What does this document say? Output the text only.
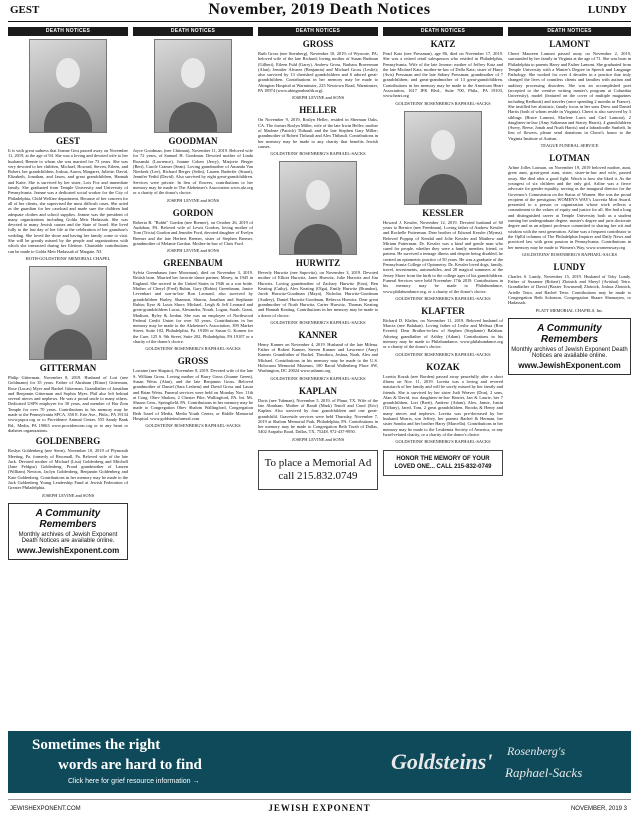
GEST	November, 2019 Death Notices	LUNDY
DEATH NOTICES
GEST

It is with great sadness that Jeanne Gest passed away on November 11, 2019, at the age of 94. She was a loving and devoted wife to her husband, Bennie to whom she was married for 73 years. She was very devoted to her children, Michael, Howard, Steven, Eileen, and Robert, her grandchildren, Joshua, Aaron, Margaret, Juliette, David, Elizabeth, Jonathan, and Jason, and great grandchildren, Hannah and Katie. She is survived by her sister, Lois Fox and immediate family. She graduated from Temple University and University of Pennsylvania. Jeanne was a dedicated social worker for the City of Philadelphia, Child Welfare department. Because of her concern for all of her clients, she supervised the most difficult cases. She acted as the guardian for her caseload and made sure the children had adequate clothes and school supplies. Jeanne was the president of many organizations including Golda Meir Hadassah. She was devoted to many Jewish causes and the State of Israel. She lived fully to the last day of her life at the celebration of her grandson's wedding. She loved the shore and having her family come to visit. She will be greatly missed by the people and organizations with which she interacted during her lifetime. Charitable contributions can be made to Golda Meir Hadassah of Margate, NJ.

ROTH-GOLDSTEINS' MEMORIAL CHAPEL
GITTERMAN

Philip Gitterman, November 8, 2019. Husband of Lori (nee Goldmann) for 35 years. Father of Abraham (Elinor) Gitterman, Rose (Lucas) Myer and Rachel Gitterman. Grandfather of Jonathan and Benjamin Gitterman and Sophia Myer. Phil also left behind several nieces and nephews. He was a proud uncle to many others. Dedicated USPS employee for 30 years, and member of Har Zion Temple for over 70 years. Contributions in his memory may be made to the Pennsylvania SPCA, 350 E. Erie Ave., Phila., PA 19134 www.pspca.org or to Providence Animal Center, 555 Sandy Bank Rd., Media, PA 19063 www.providenceac.org or to any heart or diabetes organizations.

GOLDENBERG

Roslyn Goldenberg (nee Stern), November 10, 2019 of Plymouth Meeting, Pa. formerly of Broomall, Pa. Beloved wife of the late Jack. Devoted mother of Michael (Lisa) Goldenberg and Mitchell (Jane Feldgus) Goldenberg. Proud grandmother of Lauren (William) Newton, Jaclyn Goldenberg, Benjamin Goldenberg and Kate Goldenberg. Contributions in her memory may be made to the Jack Goldenberg Young Leadership Fund at Jewish Federation of Greater Philadelphia.

JOSEPH LEVINE and SONS
A Community Remembers
Monthly archives of Jewish Exponent Death Notices are available online.
www.JewishExponent.com
DEATH NOTICES
GOODMAN

Joyce Goodman, (nee Chitman), November 11, 2019. Beloved wife for 72 years, of Samuel H. Goodman. Devoted mother of Linda Rozanski (Lawrence), Joanne Cohen (Jerry), Marjorie Berger (Bert), Carole Cramer (Sean). Loving grandmother of Amanda Van Nierkerk (Lee), Richard Berger (Selin), Lauren Ruderfer (Stuart), Jennifer Yedid (David). Also survived by eight great-grandchildren. Services were private. In lieu of flowers, contributions to her memory may be made to The Alzheimer's Association www.alz.org or a charity of the donor's choice.

JOSEPH LEVINE and SONS
GORDON

Roberta B. "Bobbi" Gordon (nee Bremer), on October 26, 2019 of Audubon, PA. Beloved wife of Lewis Gordon, loving mother of Tom (Tricia) Gordon and Jennifer Ford, devoted daughter of Evelyn Bremer and the late Herbert Bremer, sister of Stephen Bremer, grandmother of Melanie Gordon. Mother-in-law of Chris Ford.

JOSEPH LEVINE and SONS
GREENBAUM

Sylvia Greenbaum (nee Moorman), died on November 3, 2019. British born. Married her favorite dance partner, Morey, in 1945 in England. She arrived in the United States in 1946 as a war bride. Mother of Cheryl (Fred) Rubin, Gary (Robin) Greenbaum, Janice Levenhart and son-in-law Ron Leonard, also survived by grandchildren Harley, Shannon, Sharon, Jonathan and Stephanie Rubin; Ilyse & Louis Shorr; Michael, Leigh & Jeff Leonard and great-grandchildren Lucas, Alexandra, Norah, Logan, Sarah, Grant, Madison, Ryley & Jordan. She was an employee of Northwood Federal Credit Union for over 30 years. Contributions in her memory may be made to the Alzheimer's Association, 399 Market Street, Suite 102, Philadelphia, Pa. 19106 or Susan G. Komen for the Cure, 125 S. 9th Street, Suite 202, Philadelphia, PA 19107 or a charity of the donor's choice.

GOLDSTEINS' ROSENBERG'S RAPHAEL-SACKS
GROSS

Lorraine (nee Shapiro), November 8, 2019. Devoted wife of the late S. William Gross. Loving mother of Barry Gross (Joanne Green), Susan Weiss (Alan), and the late Benjamin Gross. Beloved grandmother of Daniel (Sara Leshem) and David Gross and Laura and Brian Weiss. Funeral services were held on Monday Nov. 11th at Cong. Ohev Shalom, 2 Chester Pike, Wallingford, PA. Int. Mt. Sharon Cem., Springfield, PA. Contributions in her memory may be made to Congregation Ohev Shalom Wallingford, Congregation Beth Israel of Media, Media Youth Center, or Riddle Memorial Hospital. www.goldsteinsfuneral.com

GOLDSTEINS' ROSENBERG'S RAPHAEL-SACKS
DEATH NOTICES
GROSS

Ruth Gross (nee Sternberg), November 10, 2019; of Wyncote, PA; beloved wife of the late Richard; loving mother of Susan Rudman (Gilbert), Eileen Fuld (Garry), Andrew Gross, Barbara Braverman (Alan); Jennifer Alvarez (Benjamin) and Michael Gross (Leslie); also survived by 13 cherished grandchildren and 6 adored great-grandchildren. Contributions in her memory may be made to Abington Hospital at Warminster, 225 Newtown Road, Warminster, PA 18974 (www.abingtonhealth.org).

JOSEPH LEVINE and SONS
HELLER

On November 9, 2019, Roslyn Heller, resided in Sherman Oaks, CA. The former Roslyn Miller, wife of the late Irwin Heller; mother of Marlene (Patrick) Thibault and the late Stephen Gary Miller; grandmother of Robert Thibault and Alex Thibault. Contributions in her memory may be made to any charity that benefits Jewish causes.

GOLDSTEINS' ROSENBERG'S RAPHAEL-SACKS
HURWITZ

Beverly Hurwitz (nee Supovitz), on November 3, 2019. Devoted mother of Elliott Hurwitz, Janet Hurwitz, Julie Hurwitz and Jim Hurwitz. Loving grandmother of Zachary Hurwitz (Erin), Ben Keating (Cathy), Alex Keating (Olga), Emily Hurwitz (Brandon), Jacob Hurwitz-Goodman (Maya), Nicholas Hurwitz-Goodman (Audrey), Daniel Hurwitz-Goodman, Rebecca Hurwitz. Dear great grandmother of Noah Hurwitz, Carter Hurwitz, Thomas Keating and Hannah Keating. Contributions in her memory may be made to a donor of choice.

GOLDSTEINS' ROSENBERG'S RAPHAEL-SACKS
KANNER

Henry Kanner on November 4, 2019. Husband of the late Milena. Father of Robert Kanner, Steven Kanner and Lawrence (Amy) Kanner. Grandfather of Rachel, Theodora, Joshua, Noah, Alex and Michael. Contributions in his memory may be made to the U.S. Holocaust Memorial Museum, 100 Raoul Wallenberg Place SW, Washington, DC 20024 www.ushmm.org

GOLDSTEINS' ROSENBERG'S RAPHAEL-SACKS
KAPLAN

Doris (nee Tubman), November 5, 2019, of Plano, TX. Wife of the late Abraham. Mother of Randi (Mark) Tenoff and Carol (Eric) Kaplan. Also survived by four grandchildren and one great-grandchild. Graveside services were held Thursday, November 7, 2019 at Shalom Memorial Park, Philadelphia, PA. Contributions in her memory may be made to Congregation Beth Torah of Dallas, 5402 Arapaho Road, Dallas, TX, 75248, 972-437-9950.

JOSEPH LEVINE and SONS
To place a Memorial Ad call 215.832.0749
DEATH NOTICES
KATZ

Pearl Katz (nee Pressman), age 86, died on November 17, 2019. She was a retired retail salesperson who resided in Philadelphia, Pennsylvania. Wife of the late Jerome; mother of Jeffrey Katz and the late Michael Katz; mother-in-law of Della Katz; sister of Harry (Avis) Pressman and the late Sidney Pressman; grandmother of 7 grandchildren; and great-grandmother of 13 great-grandchildren. Contributions in her memory may be made to the American Heart Association, 1617 JFK Blvd., Suite 700, Phila., PA 19103, www.heart.org

GOLDSTEINS' ROSENBERG'S RAPHAEL-SACKS
KESSLER

Howard J. Kessler, November 12, 2019. Devoted husband of 60 years to Bernice (nee Freedman). Loving father of Andrew Kessler and Rochelle Futterman. Dear brother of Edward Kessler (Myrna). Beloved Poppop of Kendal and Jolie Kessler and Matthew and Miriam Futterman. Dr. Kessler was a kind and gentle man who cared for people, whether they were a family member, friend, or patient. He survived a teenage illness and despite being disabled, he created an optometric practice of 50 years. He was a graduate of the Pennsylvania College of Optometry. Dr. Kessler loved dogs, family, travel, investments, automobiles, and 28 magical summers at the Jersey Shore from the birth to the college ages of his grandchildren. Funeral Services were held November 17th 2019. Contributions in his memory may be made to Philabundance, www.philabundance.org, or a charity of the donor's choice.

GOLDSTEINS' ROSENBERG'S RAPHAEL-SACKS
KLAFTER

Richard D. Klafter, on November 11, 2019. Beloved husband of Marcia (nee Balaban). Loving father of Leslie and Melissa (Ron Everett). Dear Brother-in-law of Stephen (Stephanie) Balaban. Adoring grandfather of Ashley (Adam). Contributions in his memory may be made to Philabundance, www.philabundance.org or a charity of the donor's choice.

GOLDSTEINS' ROSENBERG'S RAPHAEL-SACKS
KOZAK

Loretta Kozak (nee Borden) passed away peacefully after a short illness on Nov. 11, 2019. Loretta was a loving and revered matriarch of her family and will be sorely missed by her family and friends. She is survived by her sister Judi Weaver (Don), 2 sons, Alan & David, two daughters-in-law Harriet, Jan & Laurie, her 7 grandchildren, Lori (Brett), Andrew (Adam), Alex, Jamie, Justin (Tiffany), Jared, Tom, 2 great grandchildren, Brooks & Henry and many nieces and nephews. Loretta was pre-deceased by her husband Morris, son Jeffrey, her parents Rachel & Herman, her sister Sondra and her brother Harry (Marcella). Contributions in her memory may be made to the Leukemia Society of America, or any Israel-related charity, or a charity of the donor's choice.

GOLDSTEINS' ROSENBERG'S RAPHAEL-SACKS
HONOR THE MEMORY OF YOUR LOVED ONE... CALL 215-832-0749
DEATH NOTICES
LAMONT

Cherri Maureen Lamont passed away on November 2, 2019, surrounded by her family in Virginia at the age of 71. She was born in Philadelphia to parents Harry and Esther Lamont. She graduated from Temple University with a Master's Degree in Speech and Language Pathology. She worked for over 4 decades in a practice that truly changed the lives of countless clients and families with autism and auditory processing disorders. She was an accomplished poet (accepted to the creative writing master's program at Columbia University), model (featured on the cover of multiple magazines including Redbook) and traveler (once spending 2 months in France). She instilled her altruistic, family focus in her sons Drew and Daniel Harris (both of whom reside in Virginia). Cherri is also survived by 3 siblings (Bruce Lamont, Marlene Laws and Carl Lamont), 2 daughters-in-law (Amy Saltzman and Stacey Harris), 4 grandchildren (Avery, Reese, Jonah and Noah Harris) and a labradoodle Sunbelt. In lieu of flowers, please send donations in Cherri's honor to the Virginia Institute of Autism.

TEAGUE FUNERAL SERVICE
LOTMAN

Arline Jolles Lotman, on November 19, 2019 beloved mother, aunt, great aunt, great-great aunt, sister, sister-in-law and wife, passed away. She died after a good fight. Watch is how she liked it. As the youngest of six children and the only girl, Arline was a fierce advocate for gender equality, serving as the inaugural director for the Governor's Commission on the Status of Women. She was the proud recipient of the prestigious WOMEN'S WAY's Lucretia Mott Award, presented to a person or organization whose work reflects a commitment to the values of equity and justice for all. She had a long and distinguished career at Temple University both as a student earning her undergraduate degree, master's degree and juris doctorate degree and as an adjunct professor committed to sharing her wit and wisdom with the next generation. Arline was a frequent contributor to the OpEd columns of The Philadelphia Inquirer and Daily News and practiced law with great passion in Pennsylvania. Contributions in her memory may be made to Women's Way, www.womensway.org

GOLDSTEINS' ROSENBERG'S RAPHAEL-SACKS
LUNDY

Charles S. Lundy, November 15, 2019. Husband of Toby Lundy. Father of Suzanne (Robert) Zlotnick and Sheryl (Avishai) Tetro. Grandfather of David (Baxter Townsend) Zlotnick, Joshua Zlotnick, Arielle Tetro, and Rachel Tetro. Contributions may be made to Congregation Beth Solomon, Congregation Shaare Shamayim, or Hadassah.

PLATT MEMORIAL CHAPELS, Inc.
A Community Remembers
Monthly archives of Jewish Exponent Death Notices are available online.
www.JewishExponent.com
Sometimes the right
words are hard to find
Click here for grief resource information →
Goldsteins' Rosenberg's
Raphael-Sacks
JEWISHEXPONENT.COM	JEWISH EXPONENT	NOVEMBER, 2019 3
